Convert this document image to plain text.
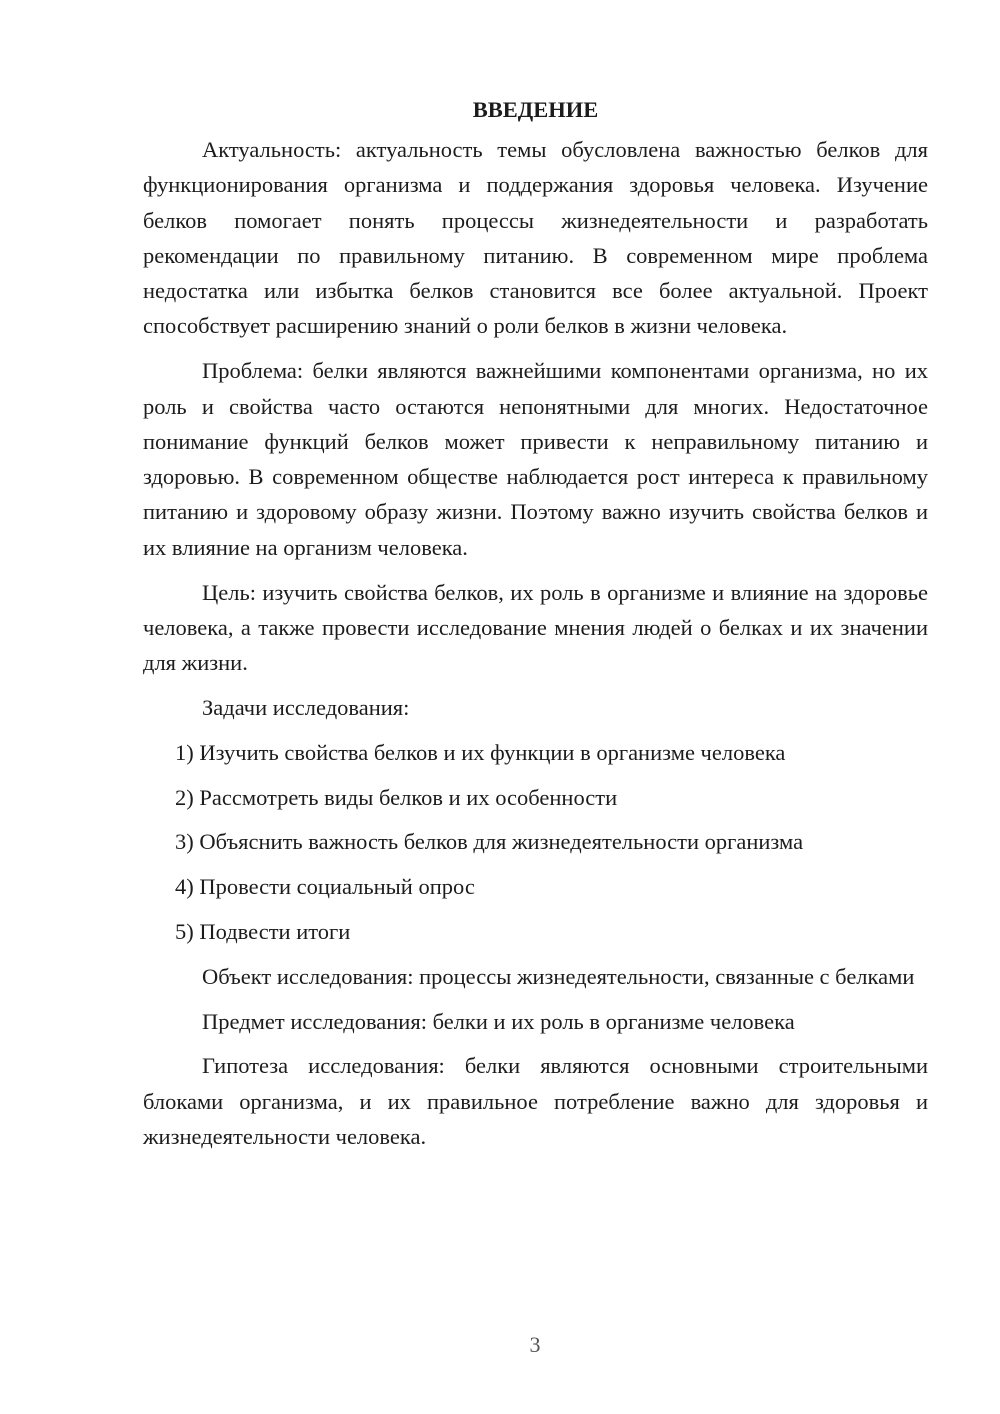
ВВЕДЕНИЕ

Актуальность: актуальность темы обусловлена важностью белков для функционирования организма и поддержания здоровья человека. Изучение белков помогает понять процессы жизнедеятельности и разработать рекомендации по правильному питанию. В современном мире проблема недостатка или избытка белков становится все более актуальной. Проект способствует расширению знаний о роли белков в жизни человека.

Проблема: белки являются важнейшими компонентами организма, но их роль и свойства часто остаются непонятными для многих. Недостаточное понимание функций белков может привести к неправильному питанию и здоровью. В современном обществе наблюдается рост интереса к правильному питанию и здоровому образу жизни. Поэтому важно изучить свойства белков и их влияние на организм человека.

Цель: изучить свойства белков, их роль в организме и влияние на здоровье человека, а также провести исследование мнения людей о белках и их значении для жизни.

Задачи исследования:

1) Изучить свойства белков и их функции в организме человека
2) Рассмотреть виды белков и их особенности
3) Объяснить важность белков для жизнедеятельности организма
4) Провести социальный опрос
5) Подвести итоги

Объект исследования: процессы жизнедеятельности, связанные с белками

Предмет исследования: белки и их роль в организме человека

Гипотеза исследования: белки являются основными строительными блоками организма, и их правильное потребление важно для здоровья и жизнедеятельности человека.

3
